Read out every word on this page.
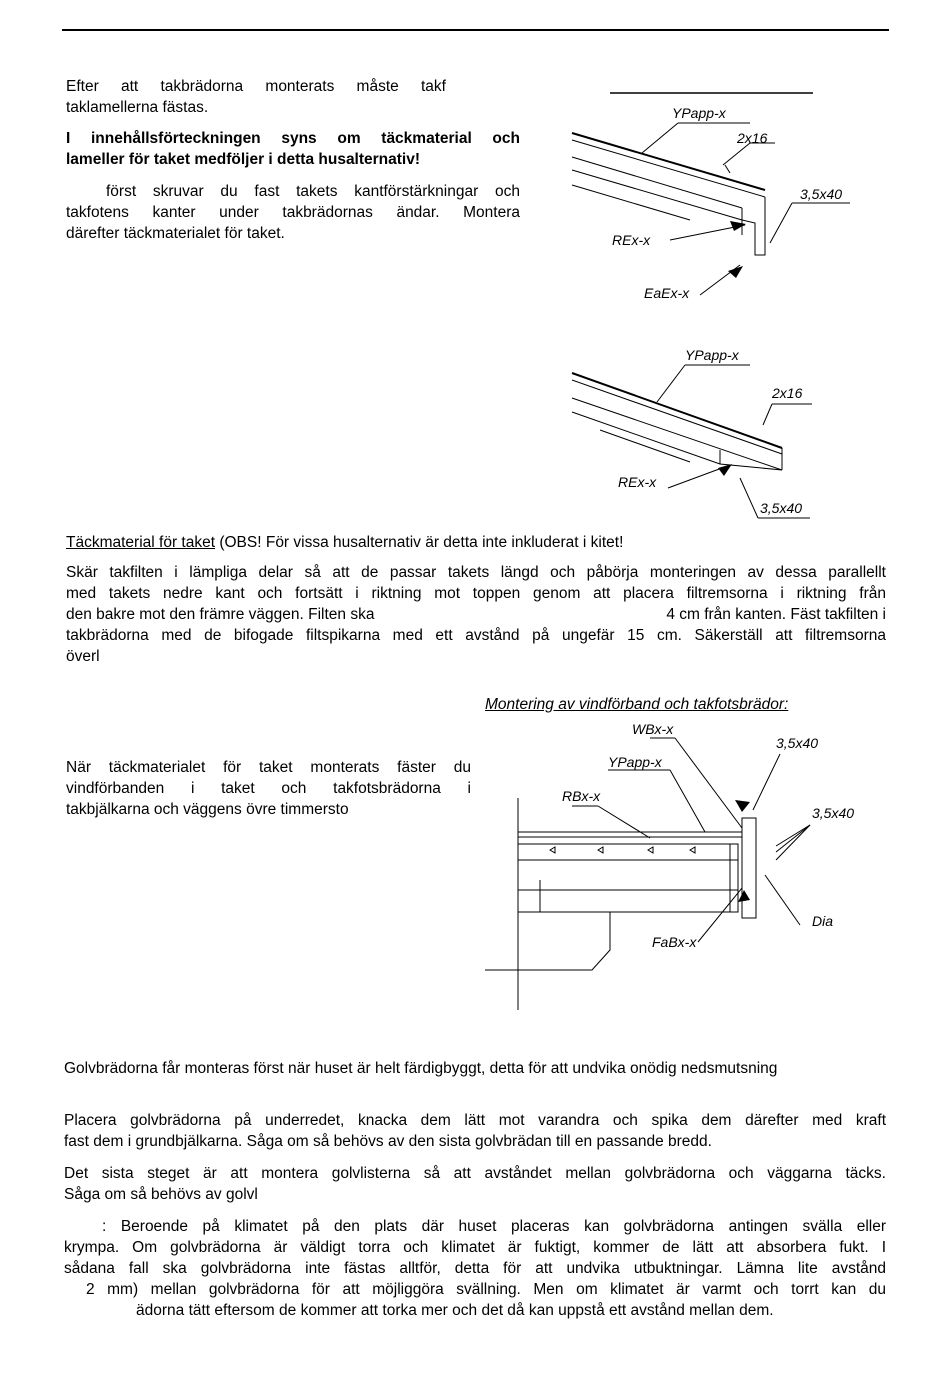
Efter att takbrädorna monterats måste takf
taklamellerna fästas.
I innehållsförteckningen syns om täckmaterial och
lameller för taket medföljer i detta husalternativ!
först skruvar du fast takets kantförstärkningar och
takfotens kanter under takbrädornas ändar. Montera
därefter täckmaterialet för taket.
YPapp-x
2x16
3,5x40
REx-x
EaEx-x
YPapp-x
2x16
REx-x
3,5x40
Täckmaterial för taket (OBS! För vissa husalternativ är detta inte inkluderat i kitet!
Skär takfilten i lämpliga delar så att de passar takets längd och påbörja monteringen av dessa parallellt
med takets nedre kant och fortsätt i riktning mot toppen genom att placera filtremsorna i riktning från
den bakre mot den främre väggen. Filten ska	4 cm från kanten. Fäst takfilten i
takbrädorna med de bifogade filtspikarna med ett avstånd på ungefär 15 cm. Säkerställ att filtremsorna
överl
Montering av vindförband och takfotsbrädor:
När täckmaterialet för taket monterats fäster du
vindförbanden i taket och takfotsbrädorna i
takbjälkarna och väggens övre timmersto
WBx-x
3,5x40
YPapp-x
RBx-x
3,5x40
Dia
FaBx-x
Golvbrädorna får monteras först när huset är helt färdigbyggt, detta för att undvika onödig nedsmutsning
Placera golvbrädorna på underredet, knacka dem lätt mot varandra och spika dem därefter med kraft
fast dem i grundbjälkarna. Såga om så behövs av den sista golvbrädan till en passande bredd.
Det sista steget är att montera golvlisterna så att avståndet mellan golvbrädorna och väggarna täcks.
Såga om så behövs av golvl
: Beroende på klimatet på den plats där huset placeras kan golvbrädorna antingen svälla eller
krympa. Om golvbrädorna är väldigt torra och klimatet är fuktigt, kommer de lätt att absorbera fukt. I
sådana fall ska golvbrädorna inte fästas alltför, detta för att undvika utbuktningar. Lämna lite avstånd
2 mm) mellan golvbrädorna för att möjliggöra svällning. Men om klimatet är varmt och torrt kan du
ädorna tätt eftersom de kommer att torka mer och det då kan uppstå ett avstånd mellan dem.
